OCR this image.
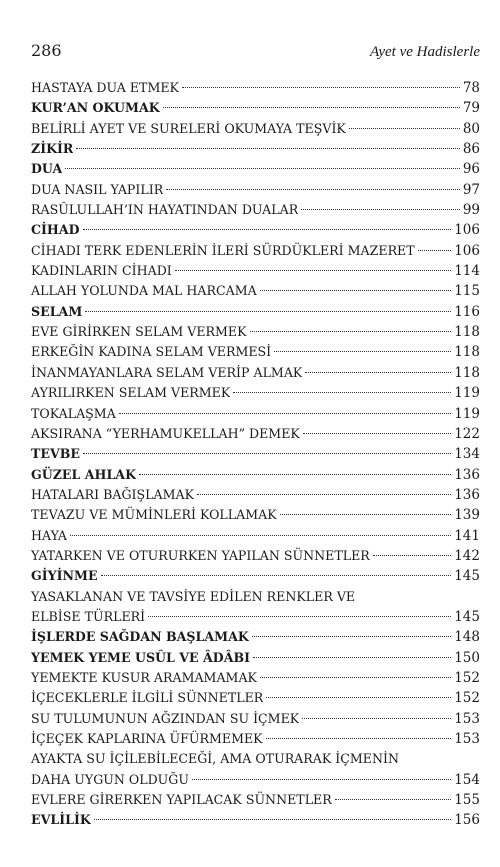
286	Ayet ve Hadislerle
HASTAYA DUA ETMEK	78
KUR’AN OKUMAK	79
BELİRLİ AYET VE SURELERİ OKUMAYA TEŞVİK	80
ZİKİR	86
DUA	96
DUA NASIL YAPILIR	97
RASÛLULLAH’IN HAYATINDAN DUALAR	99
CİHAD	106
CİHADI TERK EDENLERİN İLERİ SÜRDÜKLERİ MAZERET	106
KADINLARIN CİHADI	114
ALLAH YOLUNDA MAL HARCAMA	115
SELAM	116
EVE GİRİRKEN SELAM VERMEK	118
ERKEĞİN KADINA SELAM VERMESİ	118
İNANMAYANLARA SELAM VERİP ALMAK	118
AYRILIRKEN SELAM VERMEK	119
TOKALAŞMA	119
AKSIRANA “YERHAMUKELLAH” DEMEK	122
TEVBE	134
GÜZEL AHLAK	136
HATALARI BAĞIŞLAMAK	136
TEVAZU VE MÜMİNLERİ KOLLAMAK	139
HAYA	141
YATARKEN VE OTURURKEN YAPILAN SÜNNETLER	142
GİYİNME	145
YASAKLANAN VE TAVSİYE EDİLEN RENKLER VE
ELBİSE TÜRLERİ	145
İŞLERDE SAĞDAN BAŞLAMAK	148
YEMEK YEME USÛL VE ÂDÂBI	150
YEMEKTE KUSUR ARAMAMAMAK	152
İÇECEKLERLE İLGİLİ SÜNNETLER	152
SU TULUMUNUN AĞZINDAN SU İÇMEK	153
İÇEÇEK KAPLARINA ÜFÜRMEMEK	153
AYAKTA SU İÇİLEBİLECEĞİ, AMA OTURARAK İÇMENİN
DAHA UYGUN OLDUĞU	154
EVLERE GİRERKEN YAPILACAK SÜNNETLER	155
EVLİLİK	156
